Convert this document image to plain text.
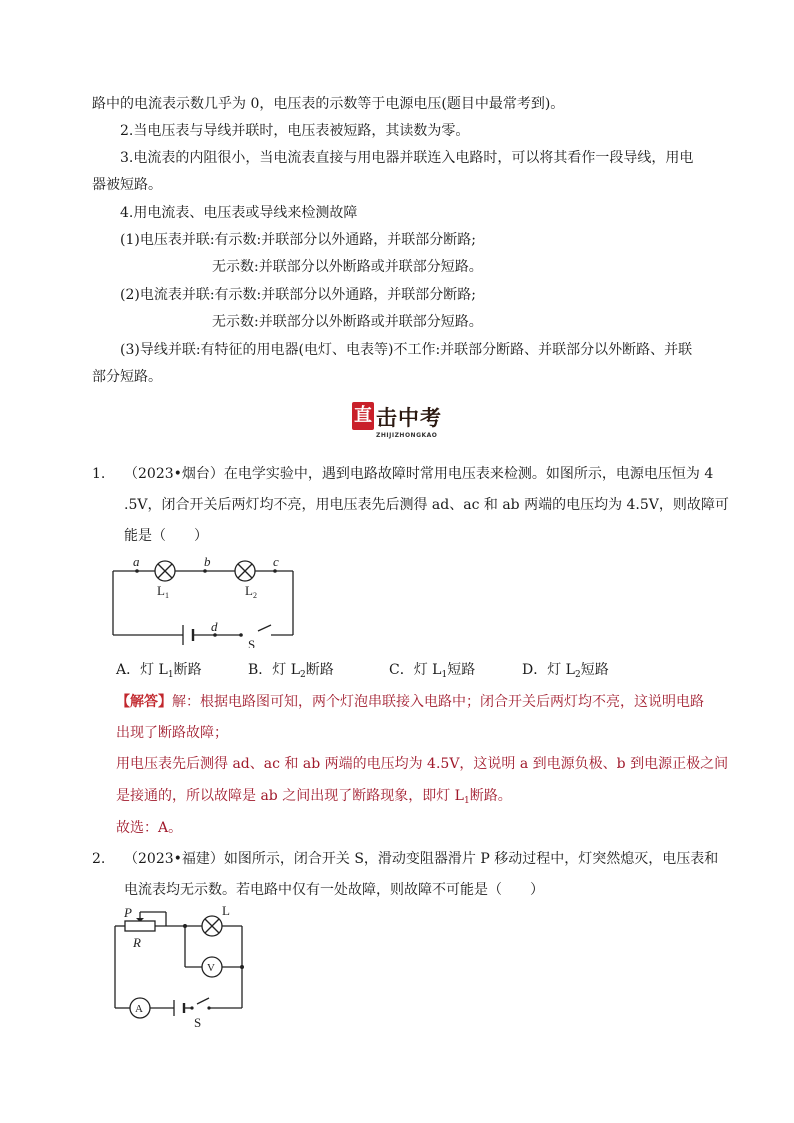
路中的电流表示数几乎为 0，电压表的示数等于电源电压(题目中最常考到)。
2.当电压表与导线并联时，电压表被短路，其读数为零。
3.电流表的内阻很小，当电流表直接与用电器并联连入电路时，可以将其看作一段导线，用电
器被短路。
4.用电流表、电压表或导线来检测故障
(1)电压表并联:有示数:并联部分以外通路，并联部分断路;
无示数:并联部分以外断路或并联部分短路。
(2)电流表并联:有示数:并联部分以外通路，并联部分断路;
无示数:并联部分以外断路或并联部分短路。
(3)导线并联:有特征的用电器(电灯、电表等)不工作:并联部分断路、并联部分以外断路、并联
部分短路。
直 击中考
ZHIJIZHONGKAO
1. （2023•烟台）在电学实验中，遇到电路故障时常用电压表来检测。如图所示，电源电压恒为 4
.5V，闭合开关后两灯均不亮，用电压表先后测得 ad、ac 和 ab 两端的电压均为 4.5V，则故障可
能是（　　）
a	b	c
d
$L_1$	$L_2$
S
A．灯 $L_1$断路	B．灯 $L_2$断路	C．灯 $L_1$短路	D．灯 $L_2$短路
【解答】解：根据电路图可知，两个灯泡串联接入电路中；闭合开关后两灯均不亮，这说明电路
出现了断路故障；
用电压表先后测得 ad、ac 和 ab 两端的电压均为 4.5V，这说明 a 到电源负极、b 到电源正极之间
是接通的，所以故障是 ab 之间出现了断路现象，即灯 $L_1$断路。
故选：A。
2. （2023•福建）如图所示，闭合开关 S，滑动变阻器滑片 P 移动过程中，灯突然熄灭，电压表和
电流表均无示数。若电路中仅有一处故障，则故障不可能是（　　）
P
R
L
V
A
S
